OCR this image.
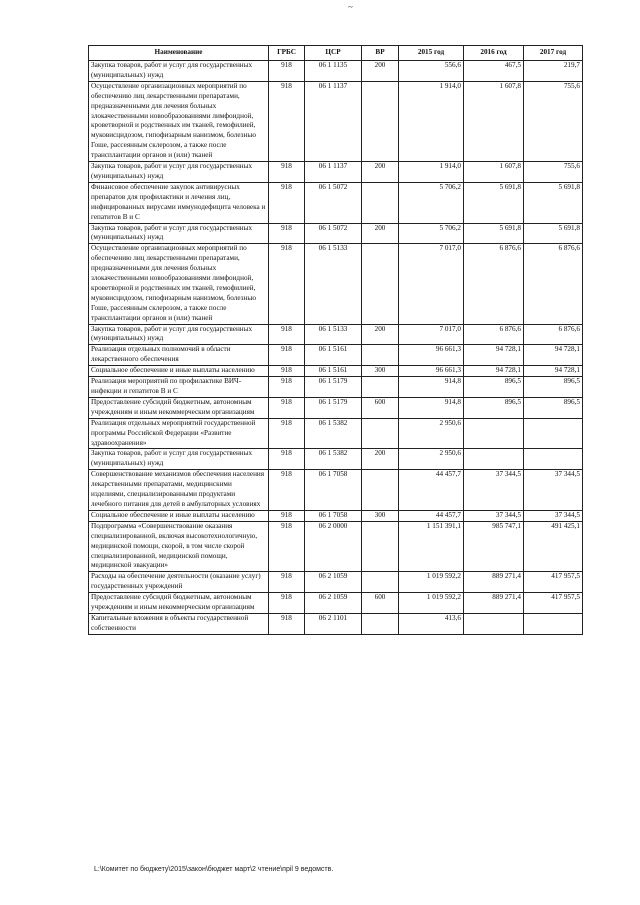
~
Наименование	ГРБС	ЦСР	ВР	2015 год	2016 год	2017 год
Закупка товаров, работ и услуг для государственных (муниципальных) нужд	918	06 1 1135	200	556,6	467,5	219,7
Осуществление организационных мероприятий по обеспечению лиц лекарственными препаратами, предназначенными для лечения больных злокачественными новообразованиями лимфоидной, кроветворной и родственных им тканей, гемофилией, муковисцидозом, гипофизарным нанизмом, болезнью Гоше, рассеянным склерозом, а также после трансплантации органов и (или) тканей	918	06 1 1137		1 914,0	1 607,8	755,6
Закупка товаров, работ и услуг для государственных (муниципальных) нужд	918	06 1 1137	200	1 914,0	1 607,8	755,6
Финансовое обеспечение закупок антивирусных препаратов для профилактики и лечения лиц, инфицированных вирусами иммунодефицита человека и гепатитов В и С	918	06 1 5072		5 706,2	5 691,8	5 691,8
Закупка товаров, работ и услуг для государственных (муниципальных) нужд	918	06 1 5072	200	5 706,2	5 691,8	5 691,8
Осуществление организационных мероприятий по обеспечению лиц лекарственными препаратами, предназначенными для лечения больных злокачественными новообразованиями лимфоидной, кроветворной и родственных им тканей, гемофилией, муковисцидозом, гипофизарным нанизмом, болезнью Гоше, рассеянным склерозом, а также после трансплантации органов и (или) тканей	918	06 1 5133		7 017,0	6 876,6	6 876,6
Закупка товаров, работ и услуг для государственных (муниципальных) нужд	918	06 1 5133	200	7 017,0	6 876,6	6 876,6
Реализация отдельных полномочий в области лекарственного обеспечения	918	06 1 5161		96 661,3	94 728,1	94 728,1
Социальное обеспечение и иные выплаты населению	918	06 1 5161	300	96 661,3	94 728,1	94 728,1
Реализация мероприятий по профилактике ВИЧ-инфекции и гепатитов В и С	918	06 1 5179		914,8	896,5	896,5
Предоставление субсидий бюджетным, автономным учреждениям и иным некоммерческим организациям	918	06 1 5179	600	914,8	896,5	896,5
Реализация отдельных мероприятий государственной программы Российской Федерации «Развитие здравоохранения»	918	06 1 5382		2 950,6		
Закупка товаров, работ и услуг для государственных (муниципальных) нужд	918	06 1 5382	200	2 950,6		
Совершенствование механизмов обеспечения населения лекарственными препаратами, медицинскими изделиями, специализированными продуктами лечебного питания для детей в амбулаторных условиях	918	06 1 7058		44 457,7	37 344,5	37 344,5
Социальное обеспечение и иные выплаты населению	918	06 1 7058	300	44 457,7	37 344,5	37 344,5
Подпрограмма «Совершенствование оказания специализированной, включая высокотехнологичную, медицинской помощи, скорой, в том числе скорой специализированной, медицинской помощи, медицинской эвакуации»	918	06 2 0000		1 151 391,1	985 747,1	491 425,1
Расходы на обеспечение деятельности (оказание услуг) государственных учреждений	918	06 2 1059		1 019 592,2	889 271,4	417 957,5
Предоставление субсидий бюджетным, автономным учреждениям и иным некоммерческим организациям	918	06 2 1059	600	1 019 592,2	889 271,4	417 957,5
Капитальные вложения в объекты государственной собственности	918	06 2 1101		413,6		
L:\Комитет по бюджету\2015\закон\бюджет март\2 чтение\прil 9 ведомств.
